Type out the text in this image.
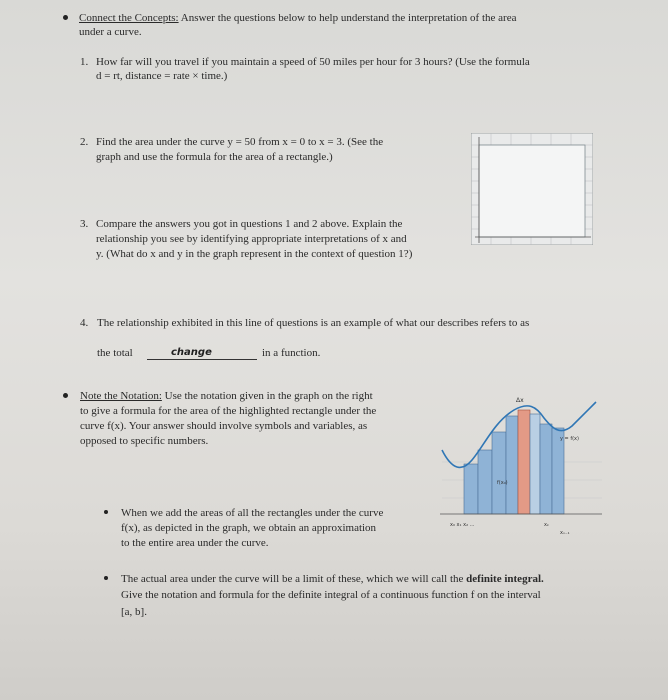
Connect the Concepts: Answer the questions below to help understand the interpretation of the area
under a curve.
1. How far will you travel if you maintain a speed of 50 miles per hour for 3 hours? (Use the formula
d = rt, distance = rate × time.)
2. Find the area under the curve y = 50 from x = 0 to x = 3. (See the
graph and use the formula for the area of a rectangle.)
3. Compare the answers you got in questions 1 and 2 above. Explain the
relationship you see by identifying appropriate interpretations of x and
y. (What do x and y in the graph represent in the context of question 1?)
4. The relationship exhibited in this line of questions is an example of what our describes refers to as
the total	change	in a function.
Note the Notation: Use the notation given in the graph on the right
to give a formula for the area of the highlighted rectangle under the
curve f(x). Your answer should involve symbols and variables, as
opposed to specific numbers.
Δx
y = f(x)
f(x₀)
x₀ x₁ x₂ ...	xₖ
xₙ₋₁
When we add the areas of all the rectangles under the curve
f(x), as depicted in the graph, we obtain an approximation
to the entire area under the curve.
The actual area under the curve will be a limit of these, which we will call the definite integral.
Give the notation and formula for the definite integral of a continuous function f on the interval
[a, b].
